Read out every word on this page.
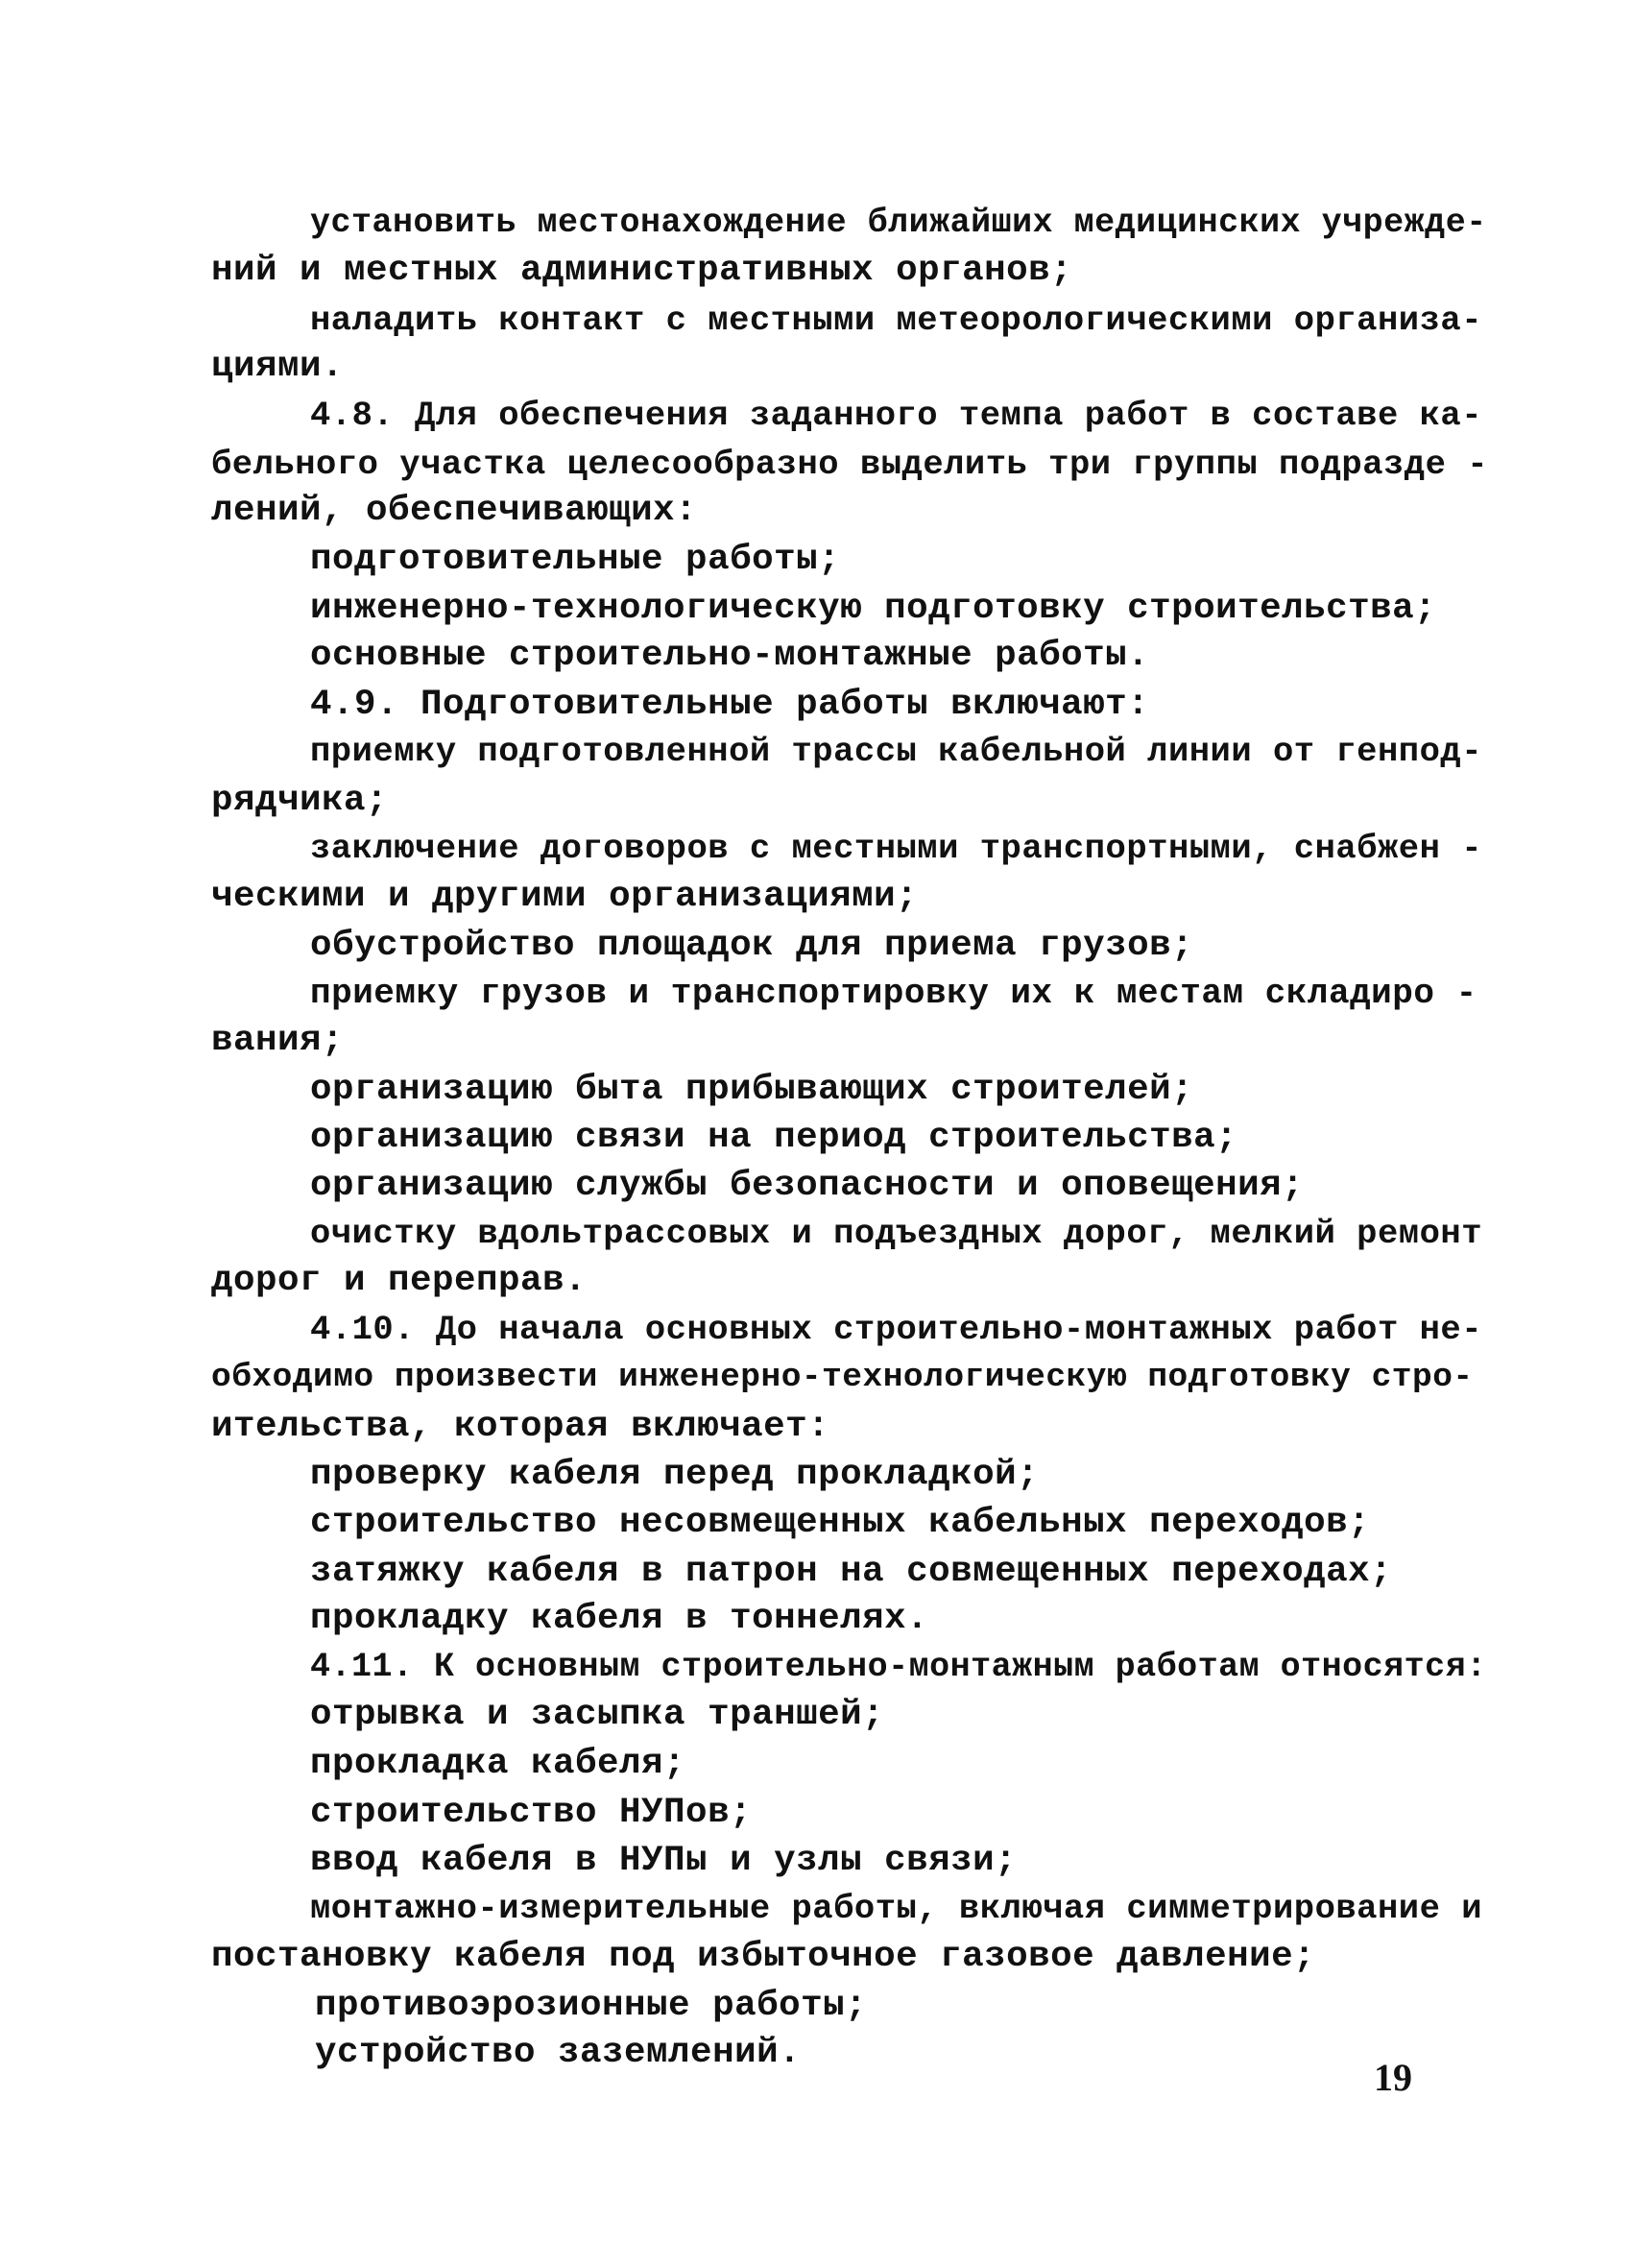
установить местонахождение ближайших медицинских учрежде-
ний и местных административных органов;
наладить контакт с местными метеорологическими организа-
циями.
4.8. Для обеспечения заданного темпа работ в составе ка-
бельного участка целесообразно выделить три группы подразде -
лений, обеспечивающих:
подготовительные работы;
инженерно-технологическую подготовку строительства;
основные строительно-монтажные работы.
4.9. Подготовительные работы включают:
приемку подготовленной трассы кабельной линии от генпод-
рядчика;
заключение договоров с местными транспортными, снабжен -
ческими и другими организациями;
обустройство площадок для приема грузов;
приемку грузов и транспортировку их к местам складиро -
вания;
организацию быта прибывающих строителей;
организацию связи на период строительства;
организацию службы безопасности и оповещения;
очистку вдольтрассовых и подъездных дорог, мелкий ремонт
дорог и переправ.
4.10. До начала основных строительно-монтажных работ не-
обходимо произвести инженерно-технологическую подготовку стро-
ительства, которая включает:
проверку кабеля перед прокладкой;
строительство несовмещенных кабельных переходов;
затяжку кабеля в патрон на совмещенных переходах;
прокладку кабеля в тоннелях.
4.11. К основным строительно-монтажным работам относятся:
отрывка и засыпка траншей;
прокладка кабеля;
строительство НУПов;
ввод кабеля в НУПы и узлы связи;
монтажно-измерительные работы, включая симметрирование и
постановку кабеля под избыточное газовое давление;
противоэрозионные работы;
устройство заземлений.
19
